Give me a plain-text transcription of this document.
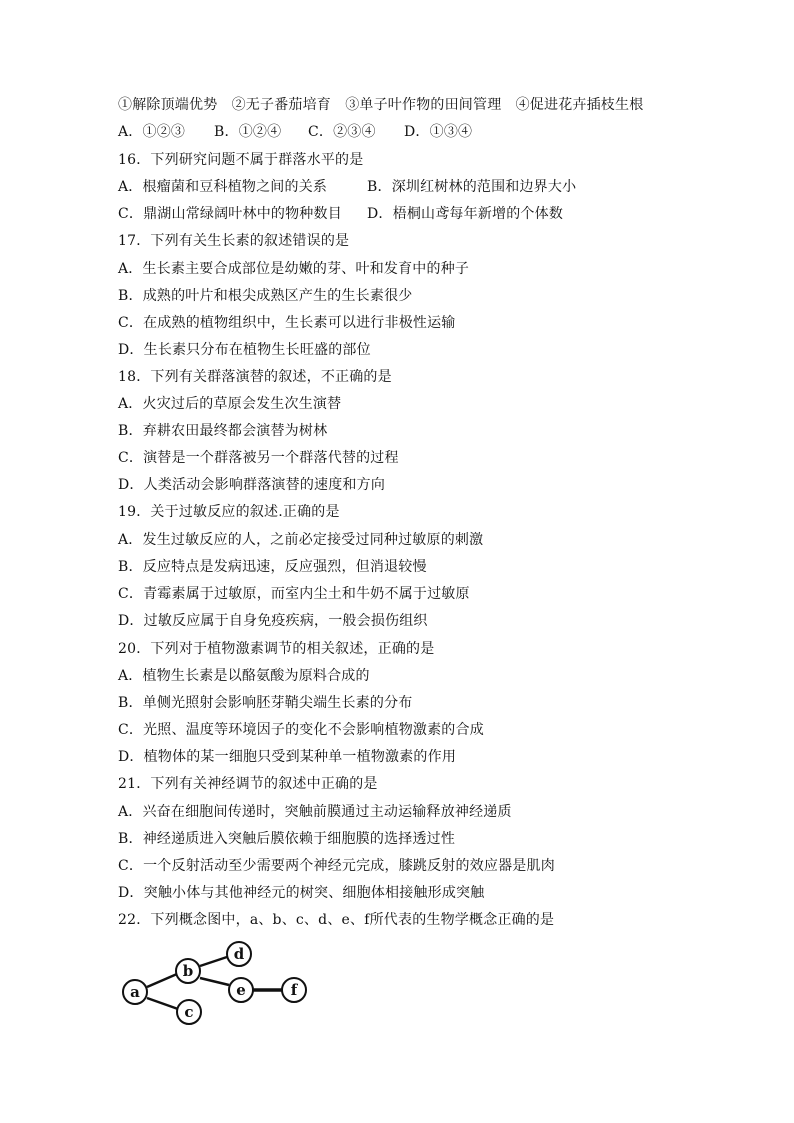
①解除顶端优势　②无子番茄培育　③单子叶作物的田间管理　④促进花卉插枝生根
A．①②③ B．①②④ C．②③④ D．①③④
16．下列研究问题不属于群落水平的是
A．根瘤菌和豆科植物之间的关系	B．深圳红树林的范围和边界大小
C．鼎湖山常绿阔叶林中的物种数目 D．梧桐山鸢每年新增的个体数
17．下列有关生长素的叙述错误的是
A．生长素主要合成部位是幼嫩的芽、叶和发育中的种子
B．成熟的叶片和根尖成熟区产生的生长素很少
C．在成熟的植物组织中，生长素可以进行非极性运输
D．生长素只分布在植物生长旺盛的部位
18．下列有关群落演替的叙述，不正确的是
A．火灾过后的草原会发生次生演替
B．弃耕农田最终都会演替为树林
C．演替是一个群落被另一个群落代替的过程
D．人类活动会影响群落演替的速度和方向
19．关于过敏反应的叙述.正确的是
A．发生过敏反应的人，之前必定接受过同种过敏原的刺激
B．反应特点是发病迅速，反应强烈，但消退较慢
C．青霉素属于过敏原，而室内尘土和牛奶不属于过敏原
D．过敏反应属于自身免疫疾病，一般会损伤组织
20．下列对于植物激素调节的相关叙述，正确的是
A．植物生长素是以酪氨酸为原料合成的
B．单侧光照射会影响胚芽鞘尖端生长素的分布
C．光照、温度等环境因子的变化不会影响植物激素的合成
D．植物体的某一细胞只受到某种单一植物激素的作用
21．下列有关神经调节的叙述中正确的是
A．兴奋在细胞间传递时，突触前膜通过主动运输释放神经递质
B．神经递质进入突触后膜依赖于细胞膜的选择透过性
C．一个反射活动至少需要两个神经元完成，膝跳反射的效应器是肌肉
D．突触小体与其他神经元的树突、细胞体相接触形成突触
22．下列概念图中，a、b、c、d、e、f所代表的生物学概念正确的是
a
b
c
d
e	f
